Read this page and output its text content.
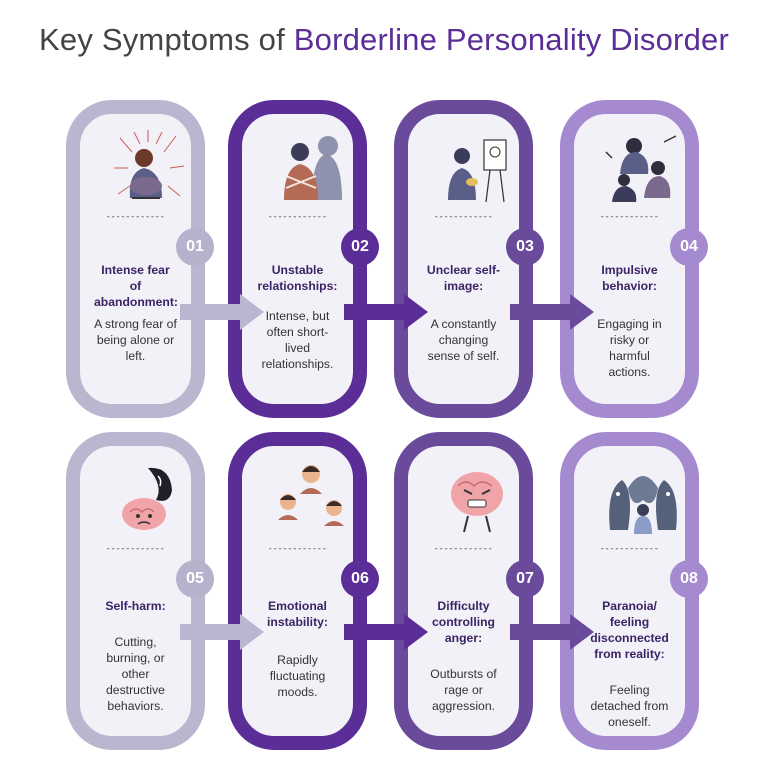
Key Symptoms of Borderline Personality Disorder
------------
Intense fear of abandonment:
A strong fear of being alone or left.
01
------------
Unstable relationships:
Intense, but often short-lived relationships.
02
------------
Unclear self-image:
A constantly changing sense of self.
03
------------
Impulsive behavior:
Engaging in risky or harmful actions.
04
------------
Self-harm:
Cutting, burning, or other destructive behaviors.
05
------------
Emotional instability:
Rapidly fluctuating moods.
06
------------
Difficulty controlling anger:
Outbursts of rage or aggression.
07
------------
Paranoia/ feeling disconnected from reality:
Feeling detached from oneself.
08
